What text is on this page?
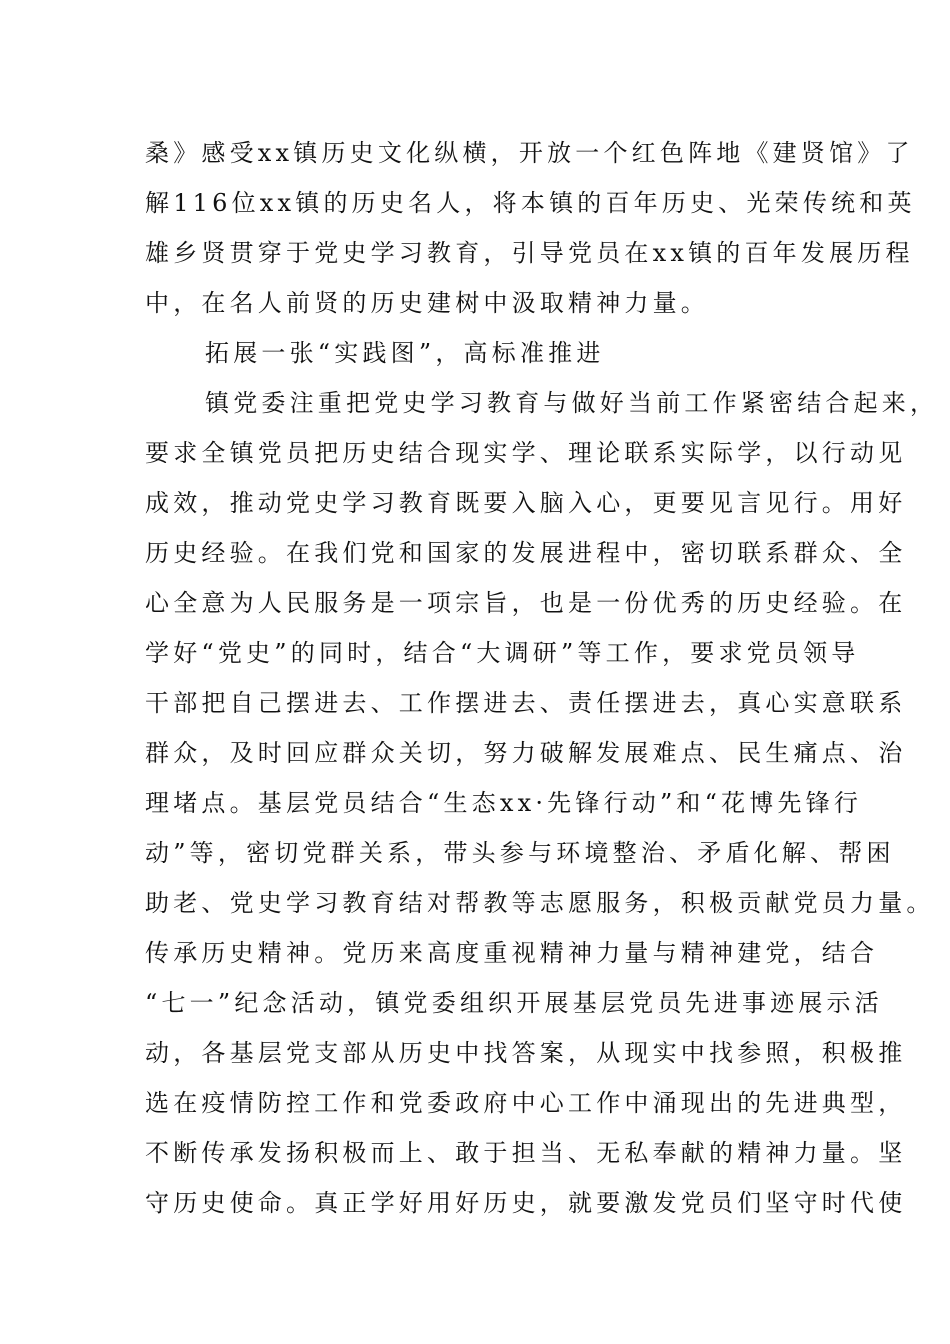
桑》感受xx镇历史文化纵横，开放一个红色阵地《建贤馆》了

解116位xx镇的历史名人，将本镇的百年历史、光荣传统和英

雄乡贤贯穿于党史学习教育，引导党员在xx镇的百年发展历程

中，在名人前贤的历史建树中汲取精神力量。

拓展一张“实践图”，高标准推进

镇党委注重把党史学习教育与做好当前工作紧密结合起来，

要求全镇党员把历史结合现实学、理论联系实际学，以行动见

成效，推动党史学习教育既要入脑入心，更要见言见行。用好

历史经验。在我们党和国家的发展进程中，密切联系群众、全

心全意为人民服务是一项宗旨，也是一份优秀的历史经验。在

学好“党史”的同时，结合“大调研”等工作，要求党员领导

干部把自己摆进去、工作摆进去、责任摆进去，真心实意联系

群众，及时回应群众关切，努力破解发展难点、民生痛点、治

理堵点。基层党员结合“生态xx·先锋行动”和“花博先锋行

动”等，密切党群关系，带头参与环境整治、矛盾化解、帮困

助老、党史学习教育结对帮教等志愿服务，积极贡献党员力量。

传承历史精神。党历来高度重视精神力量与精神建党，结合

“七一”纪念活动，镇党委组织开展基层党员先进事迹展示活

动，各基层党支部从历史中找答案，从现实中找参照，积极推

选在疫情防控工作和党委政府中心工作中涌现出的先进典型，

不断传承发扬积极而上、敢于担当、无私奉献的精神力量。坚

守历史使命。真正学好用好历史，就要激发党员们坚守时代使
